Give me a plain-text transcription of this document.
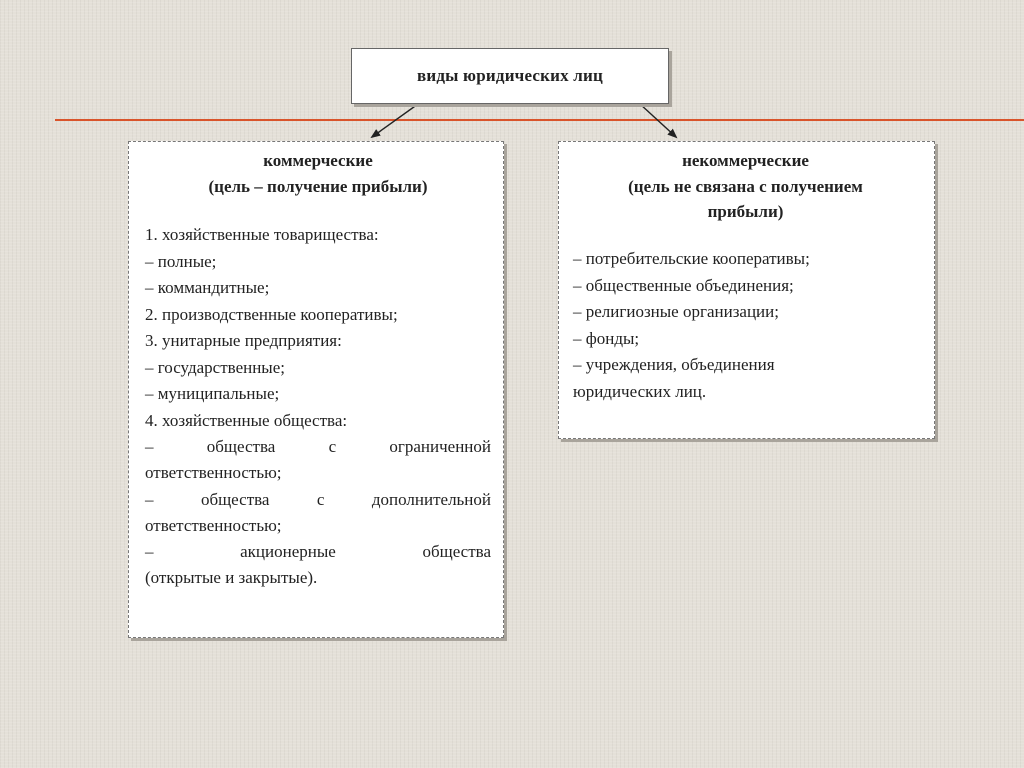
виды юридических лиц
коммерческие
(цель – получение прибыли)
1. хозяйственные товарищества:
– полные;
– коммандитные;
2. производственные кооперативы;
3. унитарные предприятия:
– государственные;
– муниципальные;
4. хозяйственные общества:
– общества с ограниченной
ответственностью;
– общества с дополнительной
ответственностью;
– акционерные общества
(открытые и закрытые).
некоммерческие
(цель не связана с получением
прибыли)
– потребительские кооперативы;
– общественные объединения;
– религиозные организации;
– фонды;
– учреждения, объединения
юридических лиц.
